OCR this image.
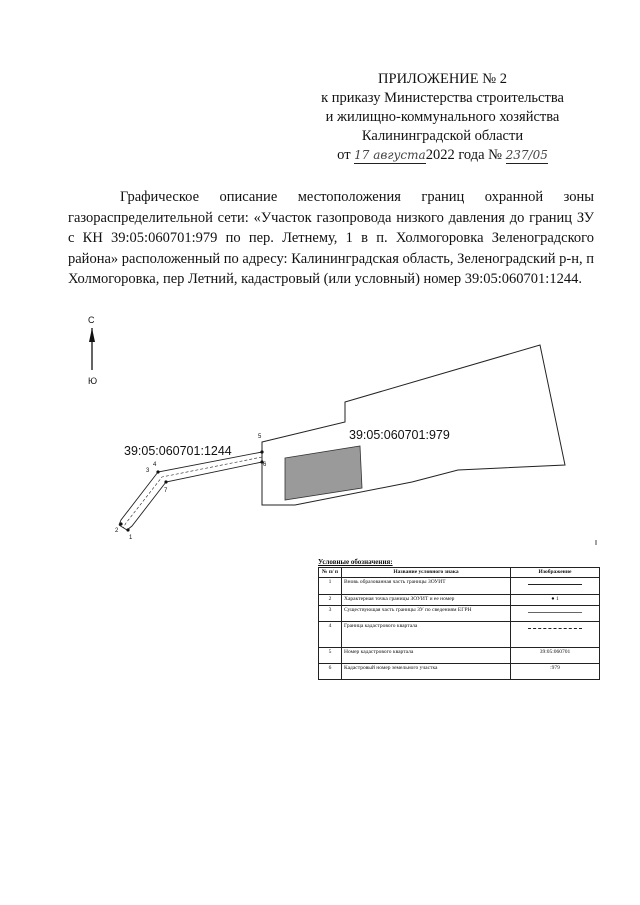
ПРИЛОЖЕНИЕ № 2
к приказу Министерства строительства
и жилищно-коммунального хозяйства
Калининградской области
от 17 августа2022 года № 237/05

Графическое описание местоположения границ охранной зоны газораспределительной сети: «Участок газопровода низкого давления до границ ЗУ с КН 39:05:060701:979 по пер. Летнему, 1 в п. Холмогоровка Зеленоградского района» расположенный по адресу: Калининградская область, Зеленоградский р-н, п Холмогоровка, пер Летний, кадастровый (или условный) номер 39:05:060701:1244.

С
Ю
1
2
3
4
5
6
7
39:05:060701:1244
39:05:060701:979
Условные обозначения:
№ п/ п	Название условного знака	Изображение
1	Вновь образованная часть границы ЗОУИТ	

2	Характерная точка границы ЗОУИТ и ее номер	● 1
3	Существующая часть границы ЗУ по сведениям ЕГРН	

4	Граница кадастрового квартала	

5	Номер кадастрового квартала	39:05:060701
6	Кадастровый номер земельного участка	:979
